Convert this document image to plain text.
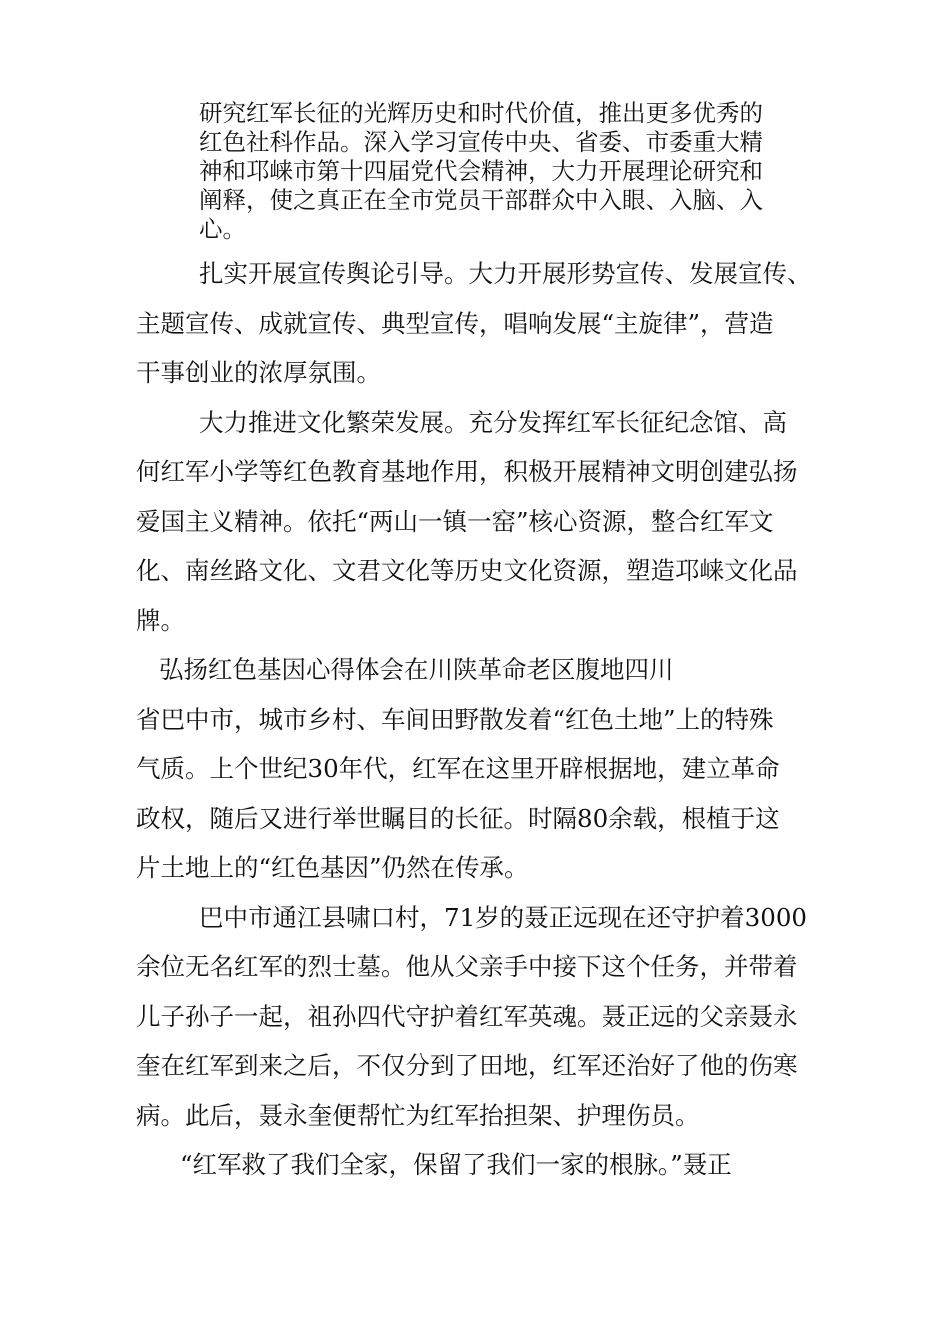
研究红军长征的光辉历史和时代价值，推出更多优秀的
红色社科作品。深入学习宣传中央、省委、市委重大精
神和邛崃市第十四届党代会精神，大力开展理论研究和
阐释，使之真正在全市党员干部群众中入眼、入脑、入
心。
扎实开展宣传舆论引导。大力开展形势宣传、发展宣传、
主题宣传、成就宣传、典型宣传，唱响发展“主旋律”，营造
干事创业的浓厚氛围。
大力推进文化繁荣发展。充分发挥红军长征纪念馆、高
何红军小学等红色教育基地作用，积极开展精神文明创建弘扬
爱国主义精神。依托“两山一镇一窑”核心资源，整合红军文
化、南丝路文化、文君文化等历史文化资源，塑造邛崃文化品
牌。
弘扬红色基因心得体会在川陕革命老区腹地四川
省巴中市，城市乡村、车间田野散发着“红色土地”上的特殊
气质。上个世纪30年代，红军在这里开辟根据地，建立革命
政权，随后又进行举世瞩目的长征。时隔80余载，根植于这
片土地上的“红色基因”仍然在传承。
巴中市通江县啸口村，71岁的聂正远现在还守护着3000
余位无名红军的烈士墓。他从父亲手中接下这个任务，并带着
儿子孙子一起，祖孙四代守护着红军英魂。聂正远的父亲聂永
奎在红军到来之后，不仅分到了田地，红军还治好了他的伤寒
病。此后，聂永奎便帮忙为红军抬担架、护理伤员。
“红军救了我们全家，保留了我们一家的根脉。”聂正
